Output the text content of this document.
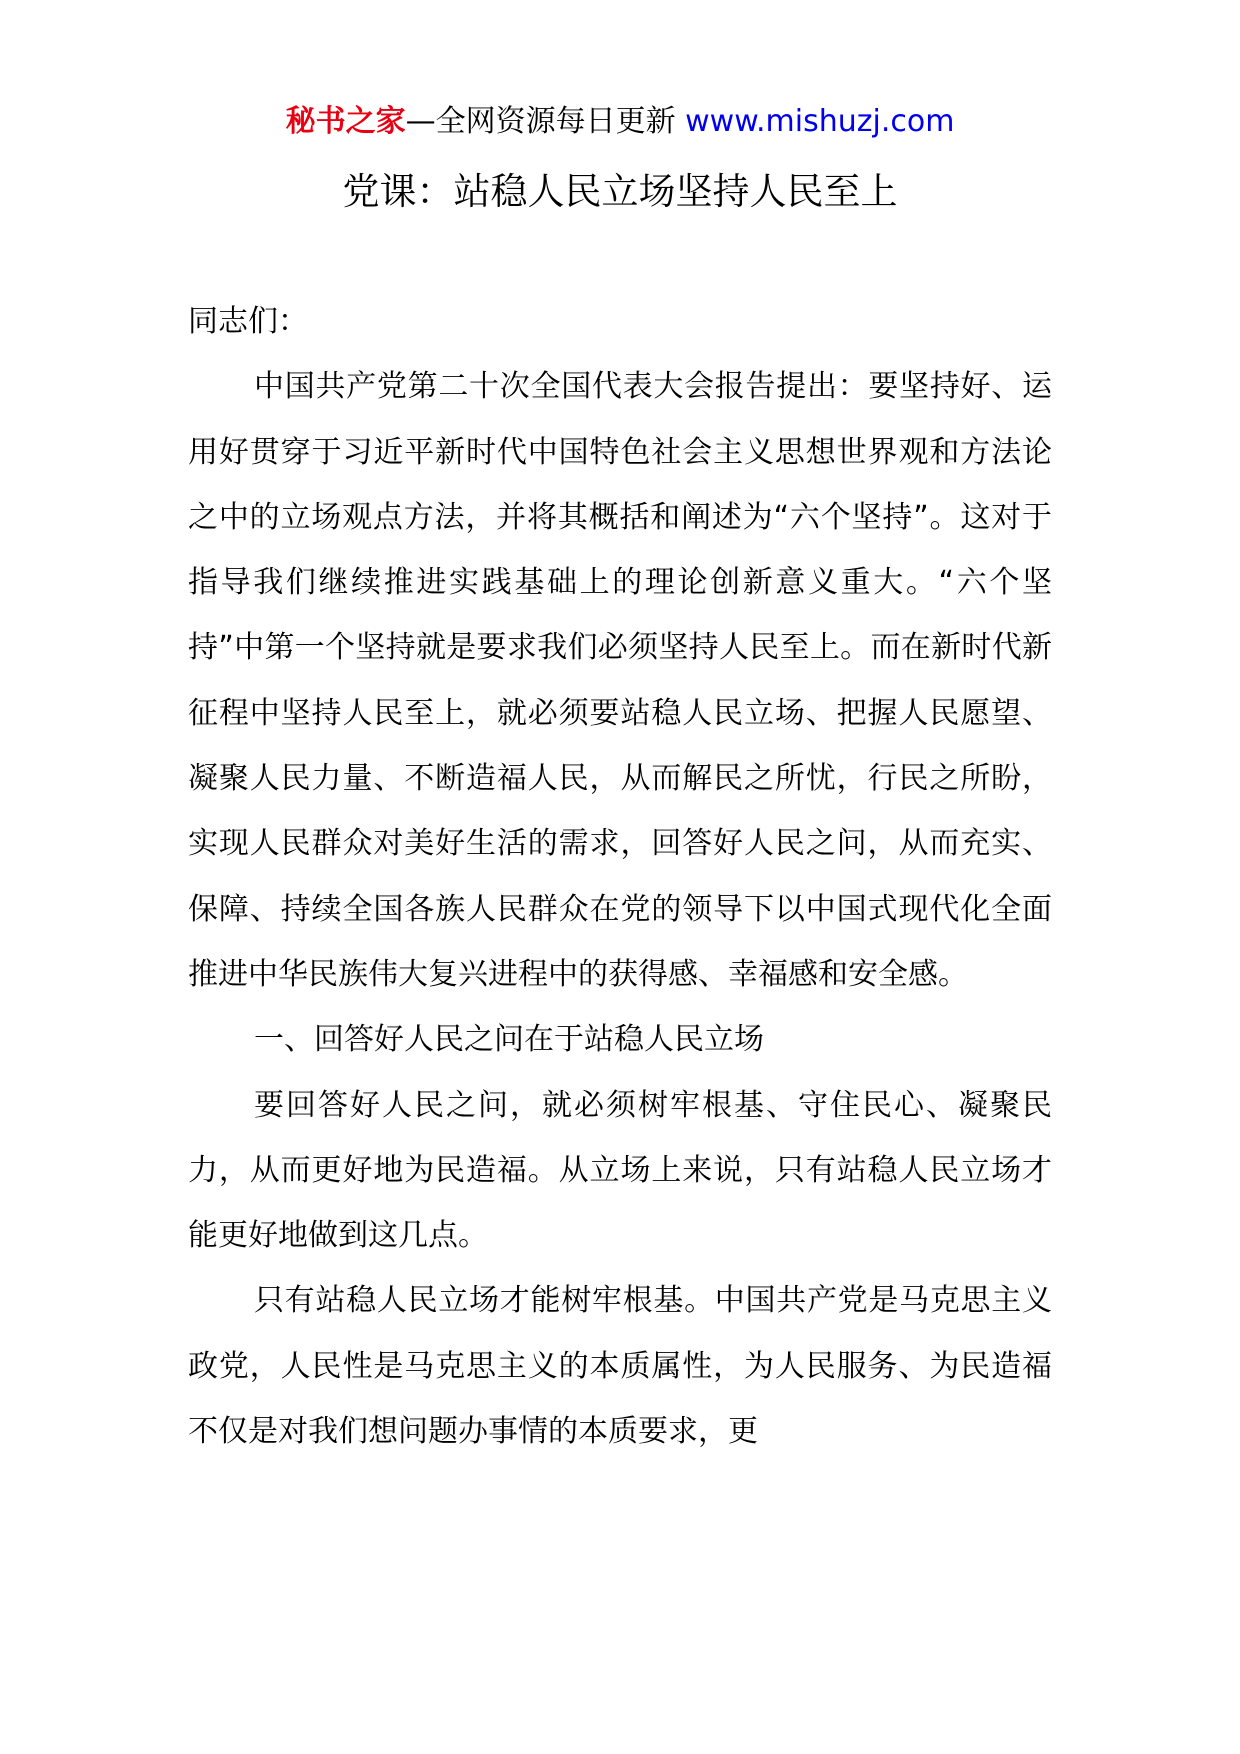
秘书之家—全网资源每日更新 www.mishuzj.com
党课：站稳人民立场坚持人民至上

同志们：

中国共产党第二十次全国代表大会报告提出：要坚持好、运用好贯穿于习近平新时代中国特色社会主义思想世界观和方法论之中的立场观点方法，并将其概括和阐述为“六个坚持”。这对于指导我们继续推进实践基础上的理论创新意义重大。“六个坚持”中第一个坚持就是要求我们必须坚持人民至上。而在新时代新征程中坚持人民至上，就必须要站稳人民立场、把握人民愿望、凝聚人民力量、不断造福人民，从而解民之所忧，行民之所盼，实现人民群众对美好生活的需求，回答好人民之问，从而充实、保障、持续全国各族人民群众在党的领导下以中国式现代化全面推进中华民族伟大复兴进程中的获得感、幸福感和安全感。

一、回答好人民之问在于站稳人民立场

要回答好人民之问，就必须树牢根基、守住民心、凝聚民力，从而更好地为民造福。从立场上来说，只有站稳人民立场才能更好地做到这几点。

只有站稳人民立场才能树牢根基。中国共产党是马克思主义政党，人民性是马克思主义的本质属性，为人民服务、为民造福不仅是对我们想问题办事情的本质要求，更
